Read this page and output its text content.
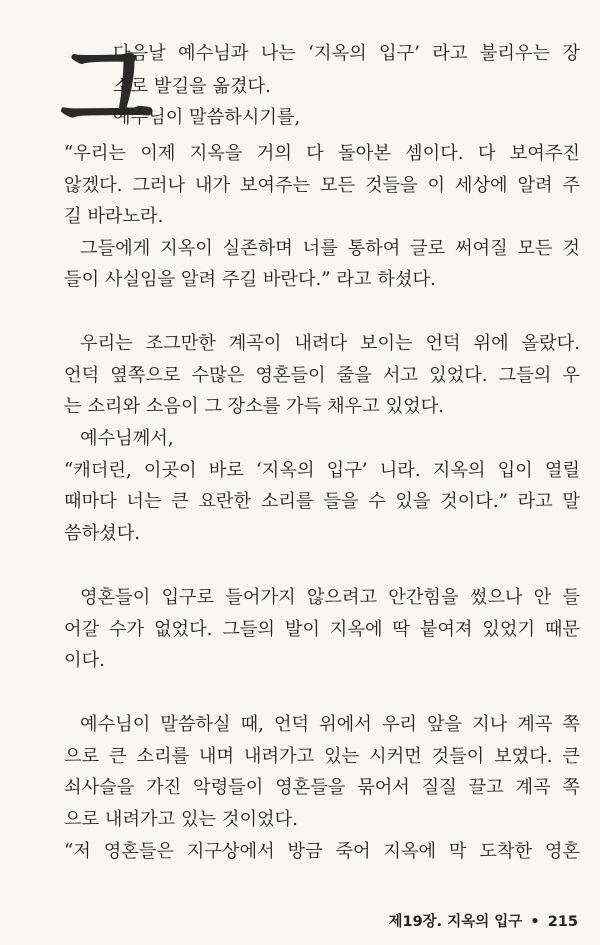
그
다음날 예수님과 나는 ‘지옥의 입구’ 라고 불리우는 장
소로 발길을 옮겼다.
예수님이 말씀하시기를,
“우리는 이제 지옥을 거의 다 돌아본 셈이다. 다 보여주진
않겠다. 그러나 내가 보여주는 모든 것들을 이 세상에 알려 주
길 바라노라.
그들에게 지옥이 실존하며 너를 통하여 글로 써여질 모든 것
들이 사실임을 알려 주길 바란다.” 라고 하셨다.
우리는 조그만한 계곡이 내려다 보이는 언덕 위에 올랐다.
언덕 옆쪽으로 수많은 영혼들이 줄을 서고 있었다. 그들의 우
는 소리와 소음이 그 장소를 가득 채우고 있었다.
예수님께서,
“캐더린, 이곳이 바로 ‘지옥의 입구’ 니라. 지옥의 입이 열릴
때마다 너는 큰 요란한 소리를 들을 수 있을 것이다.” 라고 말
씀하셨다.
영혼들이 입구로 들어가지 않으려고 안간힘을 썼으나 안 들
어갈 수가 없었다. 그들의 발이 지옥에 딱 붙여져 있었기 때문
이다.
예수님이 말씀하실 때, 언덕 위에서 우리 앞을 지나 계곡 쪽
으로 큰 소리를 내며 내려가고 있는 시커먼 것들이 보였다. 큰
쇠사슬을 가진 악령들이 영혼들을 묶어서 질질 끌고 계곡 쪽
으로 내려가고 있는 것이었다.
“저 영혼들은 지구상에서 방금 죽어 지옥에 막 도착한 영혼
제19장. 지옥의 입구 • 215
